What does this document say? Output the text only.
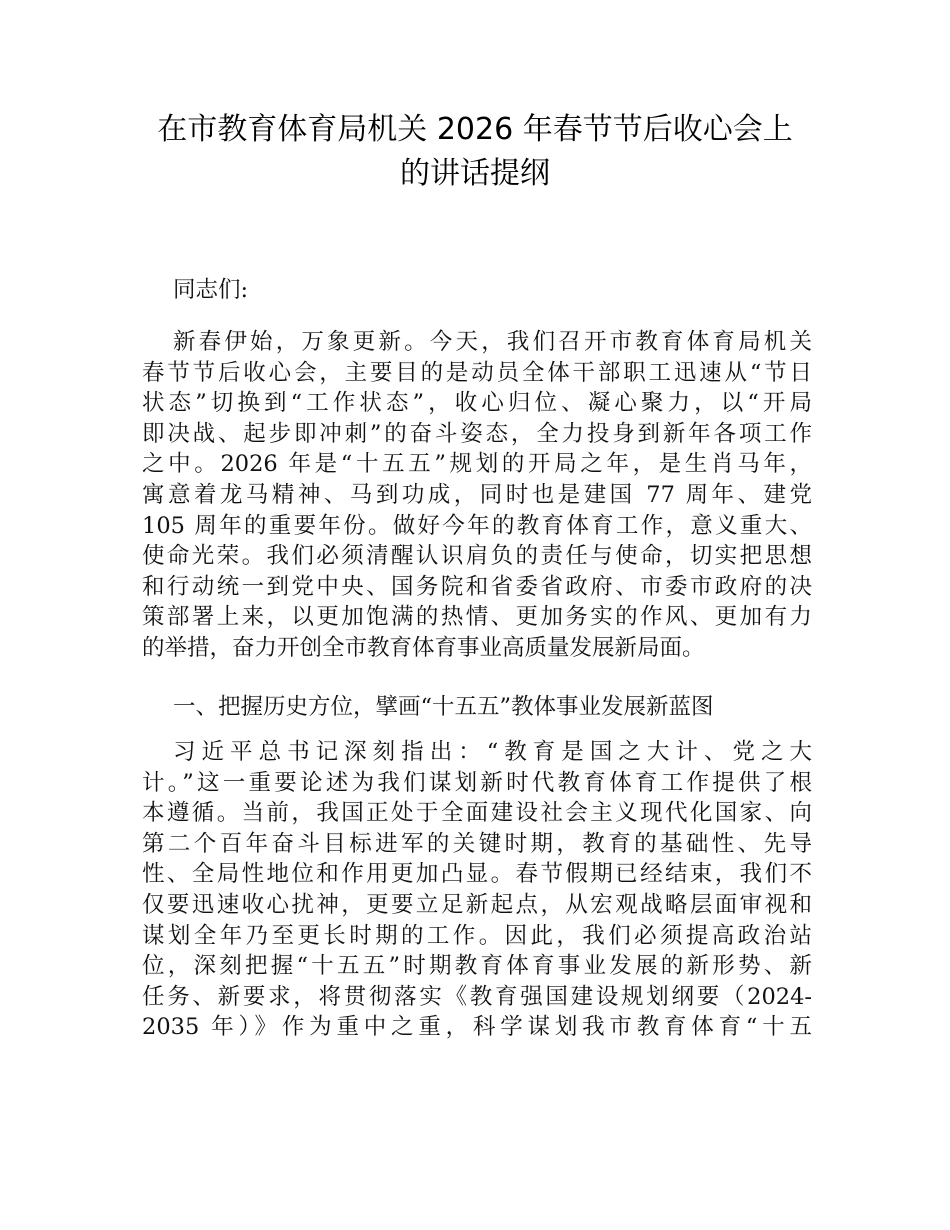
在市教育体育局机关 2026 年春节节后收心会上
的讲话提纲
同志们:
新春伊始，万象更新。今天，我们召开市教育体育局机关
春节节后收心会，主要目的是动员全体干部职工迅速从“节日
状态”切换到“工作状态”，收心归位、凝心聚力，以“开局
即决战、起步即冲刺”的奋斗姿态，全力投身到新年各项工作
之中。2026 年是“十五五”规划的开局之年，是生肖马年，
寓意着龙马精神、马到功成，同时也是建国 77 周年、建党
105 周年的重要年份。做好今年的教育体育工作，意义重大、
使命光荣。我们必须清醒认识肩负的责任与使命，切实把思想
和行动统一到党中央、国务院和省委省政府、市委市政府的决
策部署上来，以更加饱满的热情、更加务实的作风、更加有力
的举措，奋力开创全市教育体育事业高质量发展新局面。
一、把握历史方位，擘画“十五五”教体事业发展新蓝图
习近平总书记深刻指出：“教育是国之大计、党之大
计。”这一重要论述为我们谋划新时代教育体育工作提供了根
本遵循。当前，我国正处于全面建设社会主义现代化国家、向
第二个百年奋斗目标进军的关键时期，教育的基础性、先导
性、全局性地位和作用更加凸显。春节假期已经结束，我们不
仅要迅速收心扰神，更要立足新起点，从宏观战略层面审视和
谋划全年乃至更长时期的工作。因此，我们必须提高政治站
位，深刻把握“十五五”时期教育体育事业发展的新形势、新
任务、新要求，将贯彻落实《教育强国建设规划纲要（2024-
2035 年）》作为重中之重，科学谋划我市教育体育“十五
